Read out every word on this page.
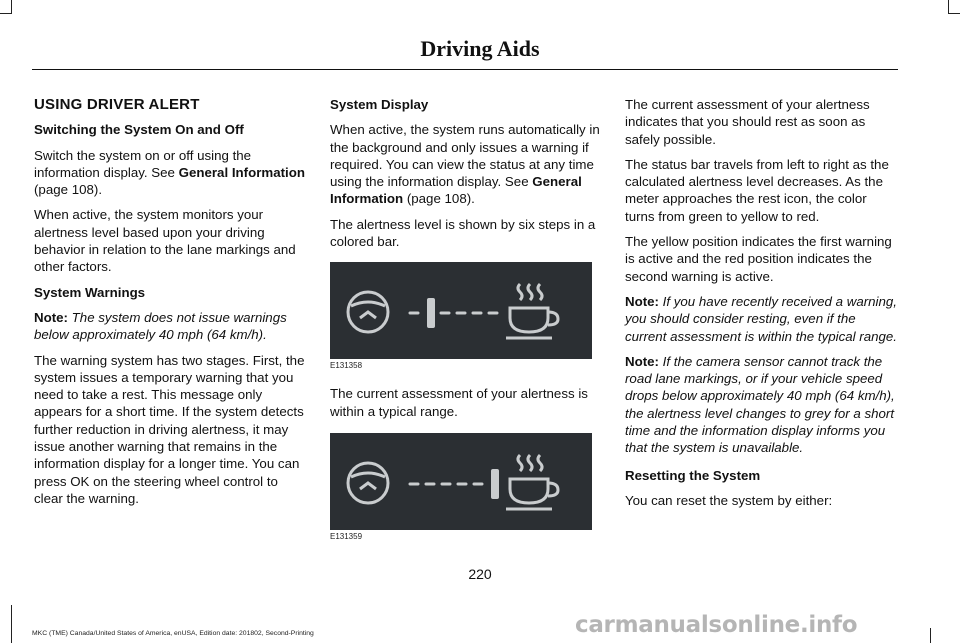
Driving Aids

USING DRIVER ALERT

Switching the System On and Off

Switch the system on or off using the information display. See General Information (page 108).

When active, the system monitors your alertness level based upon your driving behavior in relation to the lane markings and other factors.

System Warnings

Note: The system does not issue warnings below approximately 40 mph (64 km/h).

The warning system has two stages. First, the system issues a temporary warning that you need to take a rest. This message only appears for a short time. If the system detects further reduction in driving alertness, it may issue another warning that remains in the information display for a longer time. You can press OK on the steering wheel control to clear the warning.

System Display

When active, the system runs automatically in the background and only issues a warning if required. You can view the status at any time using the information display. See General Information (page 108).

The alertness level is shown by six steps in a colored bar.

E131358

The current assessment of your alertness is within a typical range.

E131359

The current assessment of your alertness indicates that you should rest as soon as safely possible.

The status bar travels from left to right as the calculated alertness level decreases. As the meter approaches the rest icon, the color turns from green to yellow to red.

The yellow position indicates the first warning is active and the red position indicates the second warning is active.

Note: If you have recently received a warning, you should consider resting, even if the current assessment is within the typical range.

Note: If the camera sensor cannot track the road lane markings, or if your vehicle speed drops below approximately 40 mph (64 km/h), the alertness level changes to grey for a short time and the information display informs you that the system is unavailable.

Resetting the System

You can reset the system by either:

220
carmanualsonline.info
MKC (TME) Canada/United States of America, enUSA, Edition date: 201802, Second-Printing
